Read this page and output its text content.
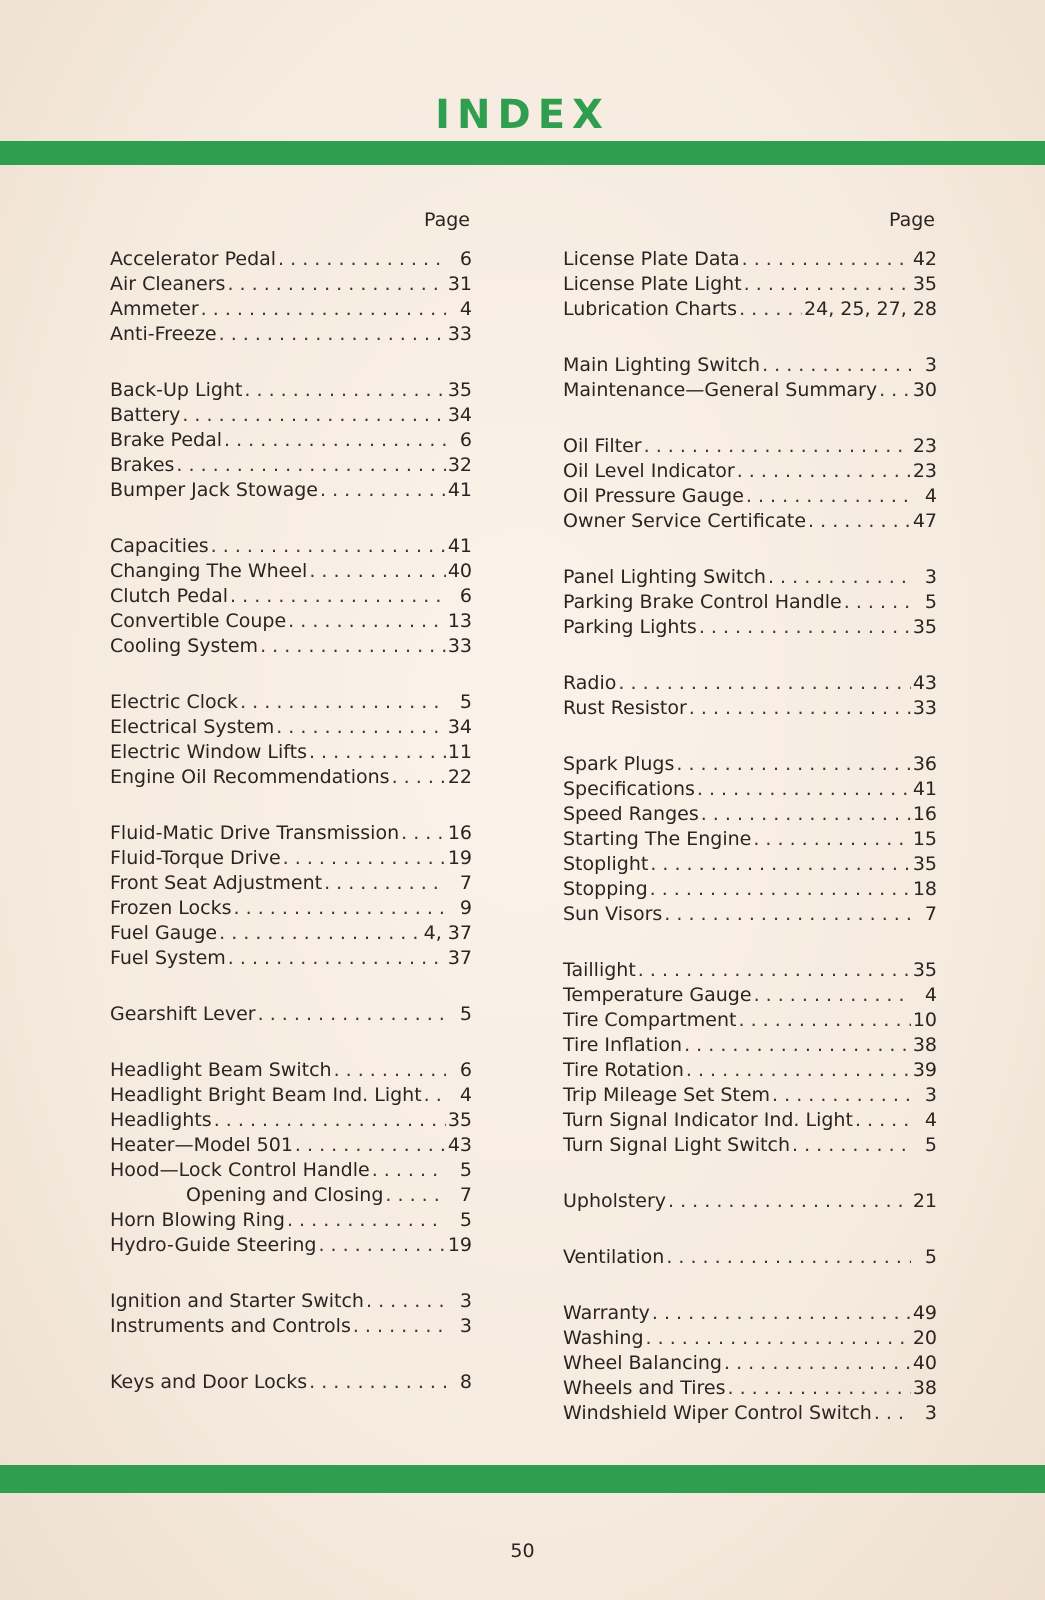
INDEX
Page
Accelerator Pedal . . .	6
Air Cleaners . . .	31
Ammeter . . .	4
Anti-Freeze . . .	33
Back-Up Light . . .	35
Battery . . .	34
Brake Pedal . . .	6
Brakes . . .	32
Bumper Jack Stowage . . .	41
Capacities . . .	41
Changing The Wheel . . .	40
Clutch Pedal . . .	6
Convertible Coupe . . .	13
Cooling System . . .	33
Electric Clock . . .	5
Electrical System . . .	34
Electric Window Lifts . . .	11
Engine Oil Recommendations . . .	22
Fluid-Matic Drive Transmission . . .	16
Fluid-Torque Drive . . .	19
Front Seat Adjustment . . .	7
Frozen Locks . . .	9
Fuel Gauge . . .	4, 37
Fuel System . . .	37
Gearshift Lever . . .	5
Headlight Beam Switch . . .	6
Headlight Bright Beam Ind. Light . . .	4
Headlights . . .	35
Heater—Model 501 . . .	43
Hood—Lock Control Handle . . .	5
Opening and Closing . . .	7
Horn Blowing Ring . . .	5
Hydro-Guide Steering . . .	19
Ignition and Starter Switch . . .	3
Instruments and Controls . . .	3
Keys and Door Locks . . .	8
Page
License Plate Data . . .	42
License Plate Light . . .	35
Lubrication Charts . . .	24, 25, 27, 28
Main Lighting Switch . . .	3
Maintenance—General Summary . . . 30
Oil Filter . . .	23
Oil Level Indicator . . .	23
Oil Pressure Gauge . . .	4
Owner Service Certificate . . .	47
Panel Lighting Switch . . .	3
Parking Brake Control Handle . . .	5
Parking Lights . . .	35
Radio . . .	43
Rust Resistor . . .	33
Spark Plugs . . .	36
Specifications . . .	41
Speed Ranges . . .	16
Starting The Engine . . .	15
Stoplight . . .	35
Stopping . . .	18
Sun Visors . . .	7
Taillight . . .	35
Temperature Gauge . . .	4
Tire Compartment . . .	10
Tire Inflation . . .	38
Tire Rotation . . .	39
Trip Mileage Set Stem . . .	3
Turn Signal Indicator Ind. Light . . .	4
Turn Signal Light Switch . . .	5
Upholstery . . .	21
Ventilation . . .	5
Warranty . . .	49
Washing . . .	20
Wheel Balancing . . .	40
Wheels and Tires . . .	38
Windshield Wiper Control Switch . . .	3
50
